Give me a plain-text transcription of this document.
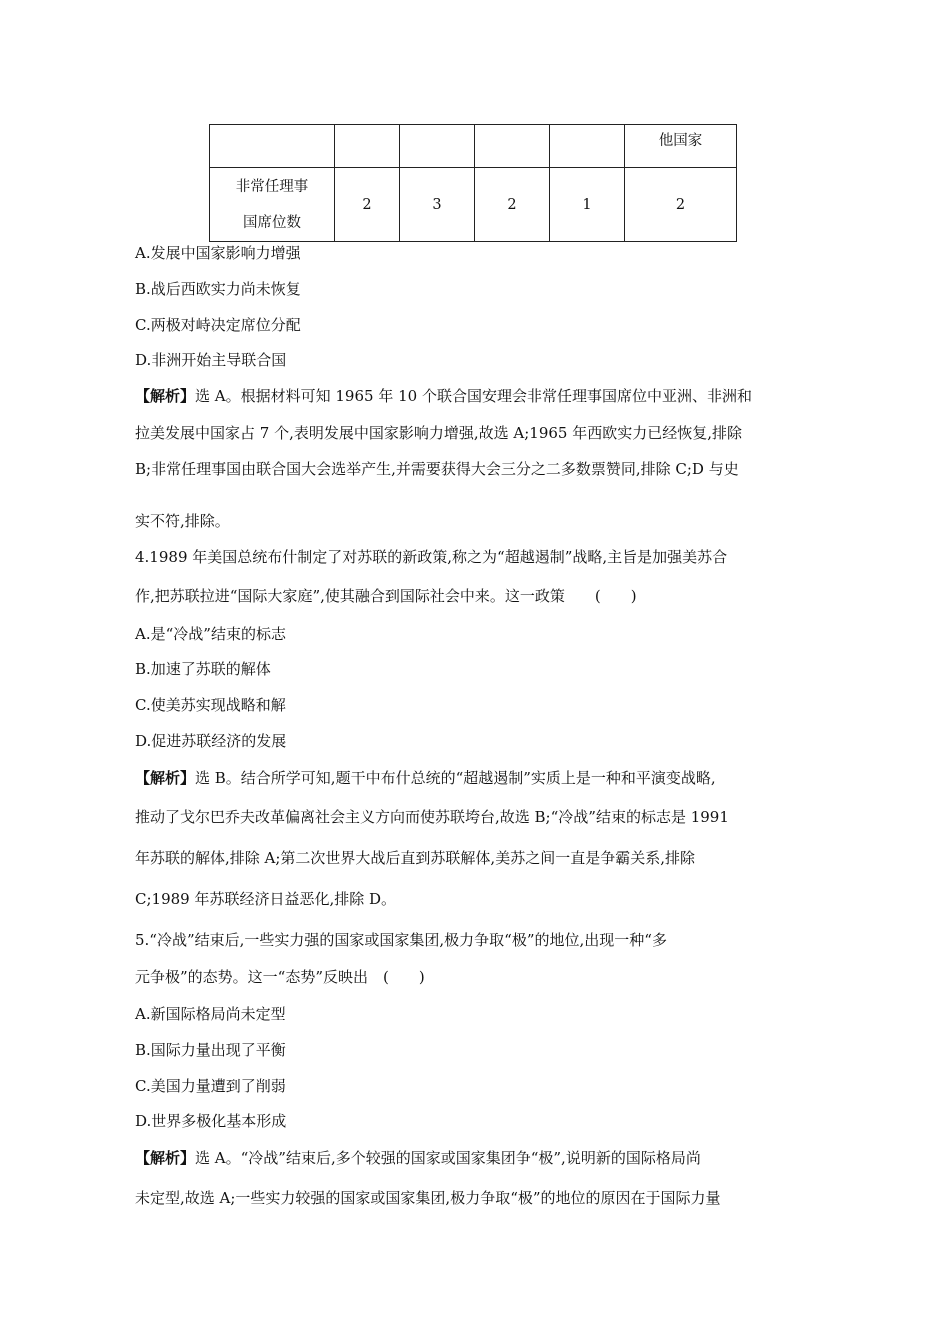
					他国家

非常任理事
国席位数	2	3	2	1	2
A.发展中国家影响力增强
B.战后西欧实力尚未恢复
C.两极对峙决定席位分配
D.非洲开始主导联合国
【解析】选 A。根据材料可知 1965 年 10 个联合国安理会非常任理事国席位中亚洲、非洲和
拉美发展中国家占 7 个,表明发展中国家影响力增强,故选 A;1965 年西欧实力已经恢复,排除
B;非常任理事国由联合国大会选举产生,并需要获得大会三分之二多数票赞同,排除 C;D 与史
实不符,排除。
4.1989 年美国总统布什制定了对苏联的新政策,称之为“超越遏制”战略,主旨是加强美苏合
作,把苏联拉进“国际大家庭”,使其融合到国际社会中来。这一政策　　(　　)
A.是“冷战”结束的标志
B.加速了苏联的解体
C.使美苏实现战略和解
D.促进苏联经济的发展
【解析】选 B。结合所学可知,题干中布什总统的“超越遏制”实质上是一种和平演变战略,
推动了戈尔巴乔夫改革偏离社会主义方向而使苏联垮台,故选 B;“冷战”结束的标志是 1991
年苏联的解体,排除 A;第二次世界大战后直到苏联解体,美苏之间一直是争霸关系,排除
C;1989 年苏联经济日益恶化,排除 D。
5.“冷战”结束后,一些实力强的国家或国家集团,极力争取“极”的地位,出现一种“多
元争极”的态势。这一“态势”反映出　(　　)
A.新国际格局尚未定型
B.国际力量出现了平衡
C.美国力量遭到了削弱
D.世界多极化基本形成
【解析】选 A。“冷战”结束后,多个较强的国家或国家集团争“极”,说明新的国际格局尚
未定型,故选 A;一些实力较强的国家或国家集团,极力争取“极”的地位的原因在于国际力量
